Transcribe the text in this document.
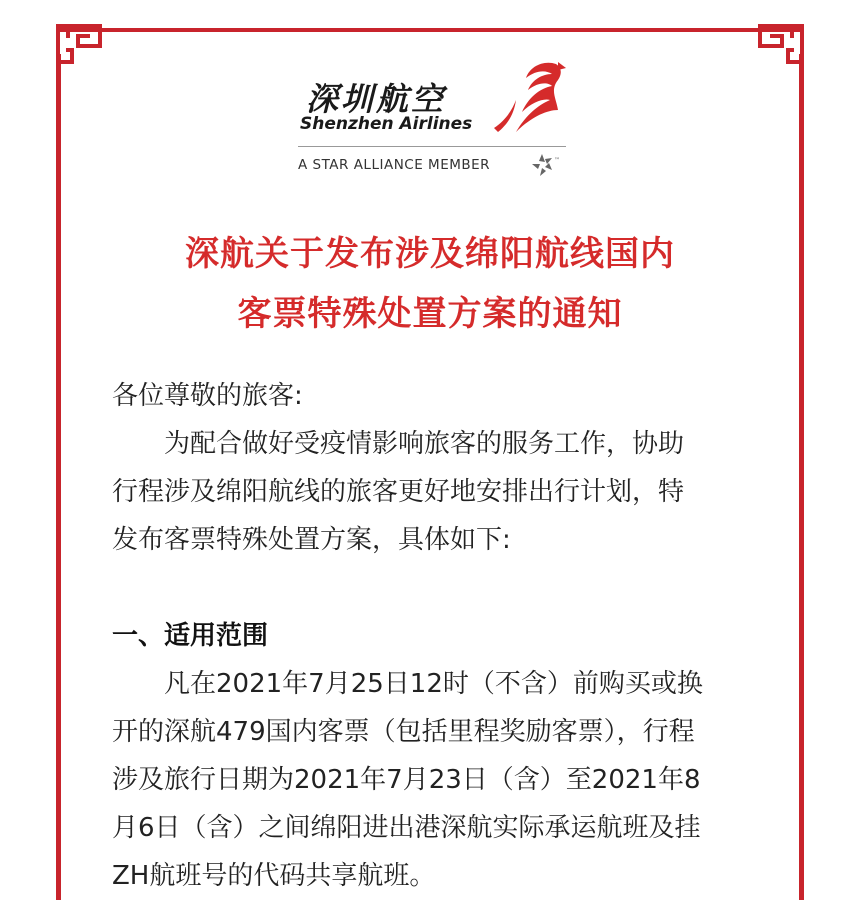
深圳航空
Shenzhen Airlines
A STAR ALLIANCE MEMBER	™
深航关于发布涉及绵阳航线国内
客票特殊处置方案的通知
各位尊敬的旅客:
为配合做好受疫情影响旅客的服务工作，协助
行程涉及绵阳航线的旅客更好地安排出行计划，特
发布客票特殊处置方案，具体如下:
一、适用范围
凡在2021年7月25日12时（不含）前购买或换
开的深航479国内客票（包括里程奖励客票），行程
涉及旅行日期为2021年7月23日（含）至2021年8
月6日（含）之间绵阳进出港深航实际承运航班及挂
ZH航班号的代码共享航班。
